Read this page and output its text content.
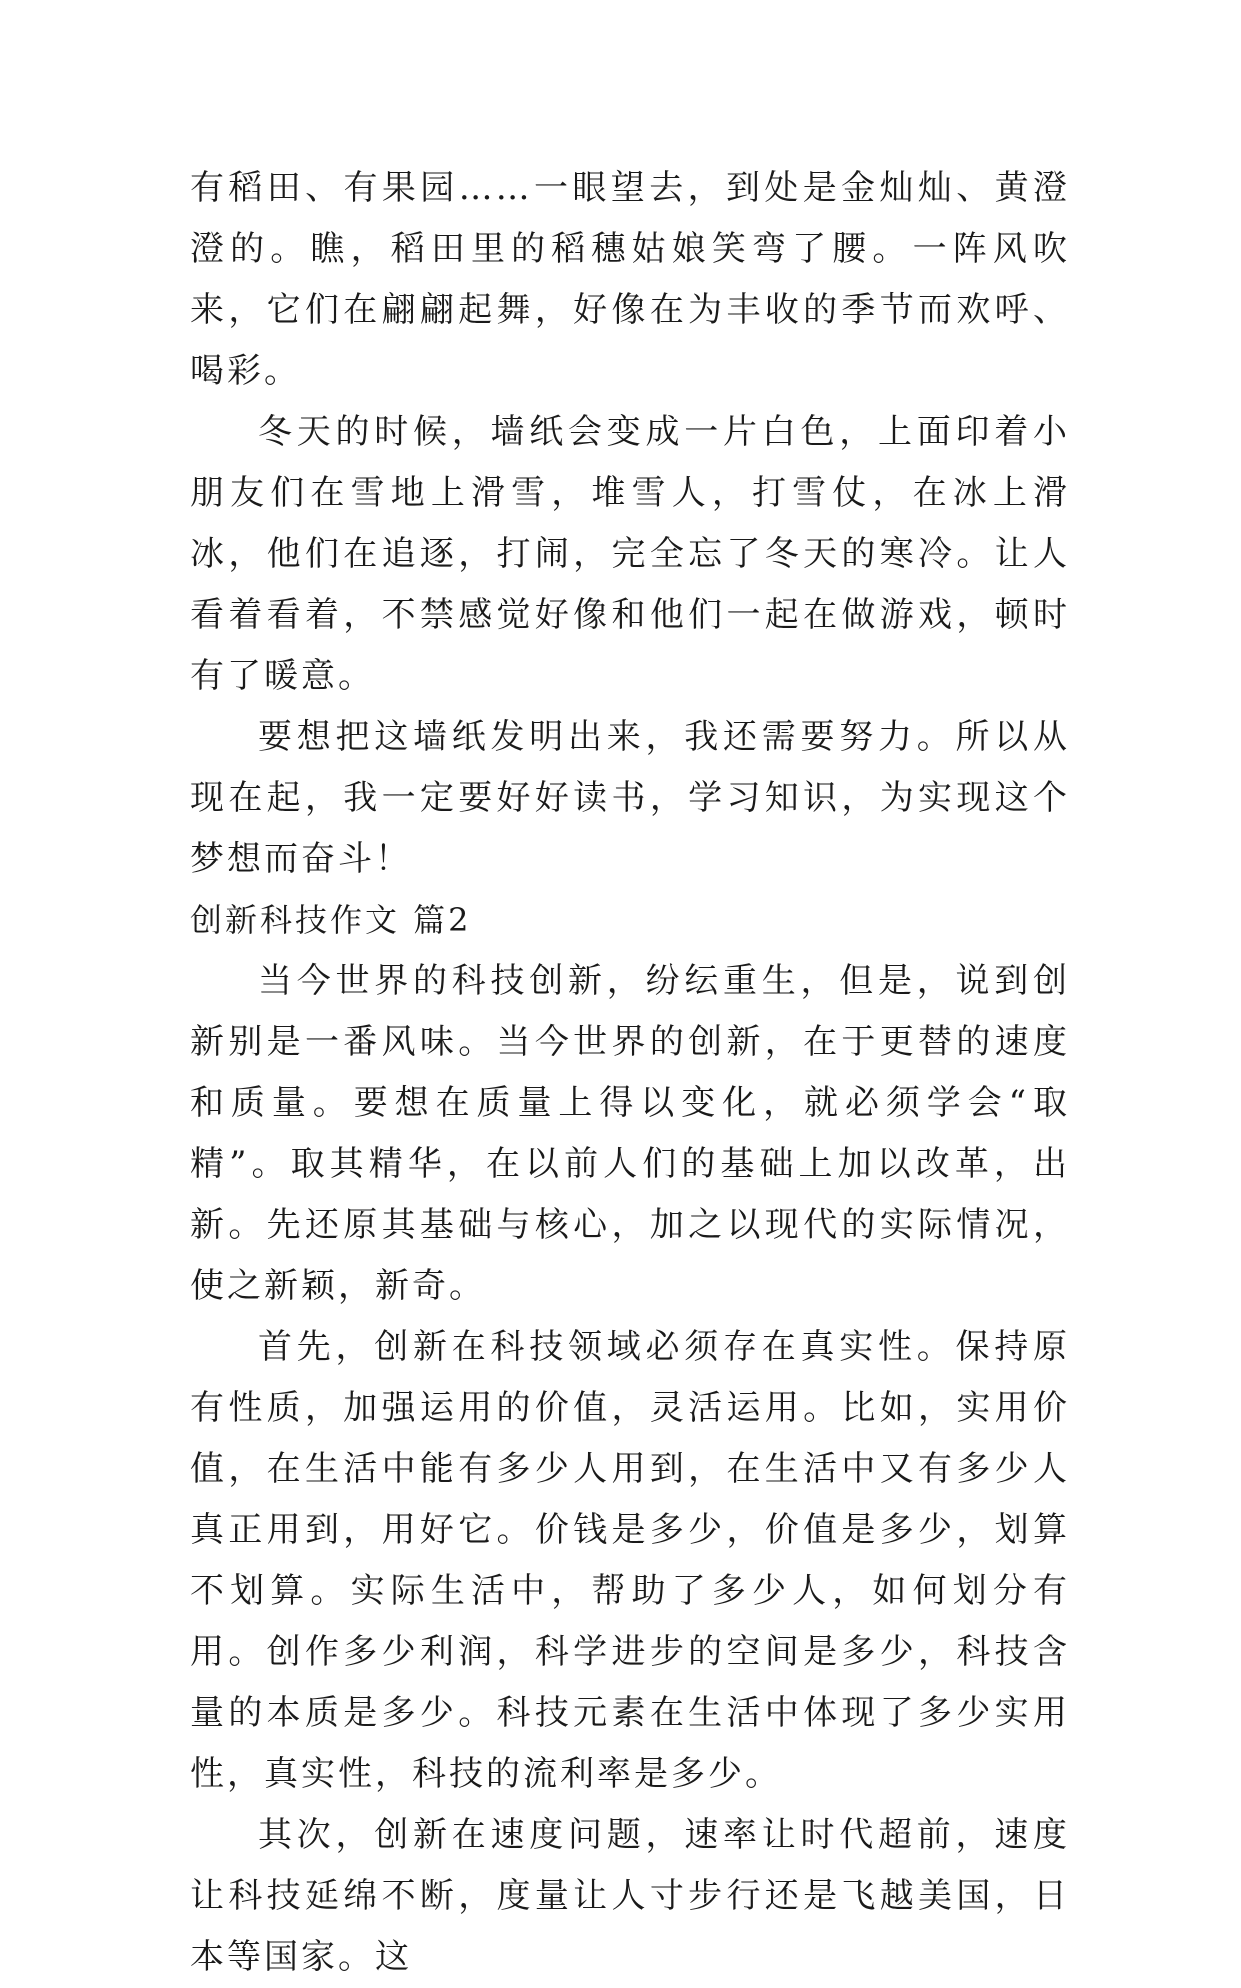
有稻田、有果园……一眼望去，到处是金灿灿、黄澄澄的。瞧，稻田里的稻穗姑娘笑弯了腰。一阵风吹来，它们在翩翩起舞，好像在为丰收的季节而欢呼、喝彩。

冬天的时候，墙纸会变成一片白色，上面印着小朋友们在雪地上滑雪，堆雪人，打雪仗，在冰上滑冰，他们在追逐，打闹，完全忘了冬天的寒冷。让人看着看着，不禁感觉好像和他们一起在做游戏，顿时有了暖意。

要想把这墙纸发明出来，我还需要努力。所以从现在起，我一定要好好读书，学习知识，为实现这个梦想而奋斗！

创新科技作文 篇2

当今世界的科技创新，纷纭重生，但是，说到创新别是一番风味。当今世界的创新，在于更替的速度和质量。要想在质量上得以变化，就必须学会“取精”。取其精华，在以前人们的基础上加以改革，出新。先还原其基础与核心，加之以现代的实际情况，使之新颖，新奇。

首先，创新在科技领域必须存在真实性。保持原有性质，加强运用的价值，灵活运用。比如，实用价值，在生活中能有多少人用到，在生活中又有多少人真正用到，用好它。价钱是多少，价值是多少，划算不划算。实际生活中，帮助了多少人，如何划分有用。创作多少利润，科学进步的空间是多少，科技含量的本质是多少。科技元素在生活中体现了多少实用性，真实性，科技的流利率是多少。

其次，创新在速度问题，速率让时代超前，速度让科技延绵不断，度量让人寸步行还是飞越美国，日本等国家。这
